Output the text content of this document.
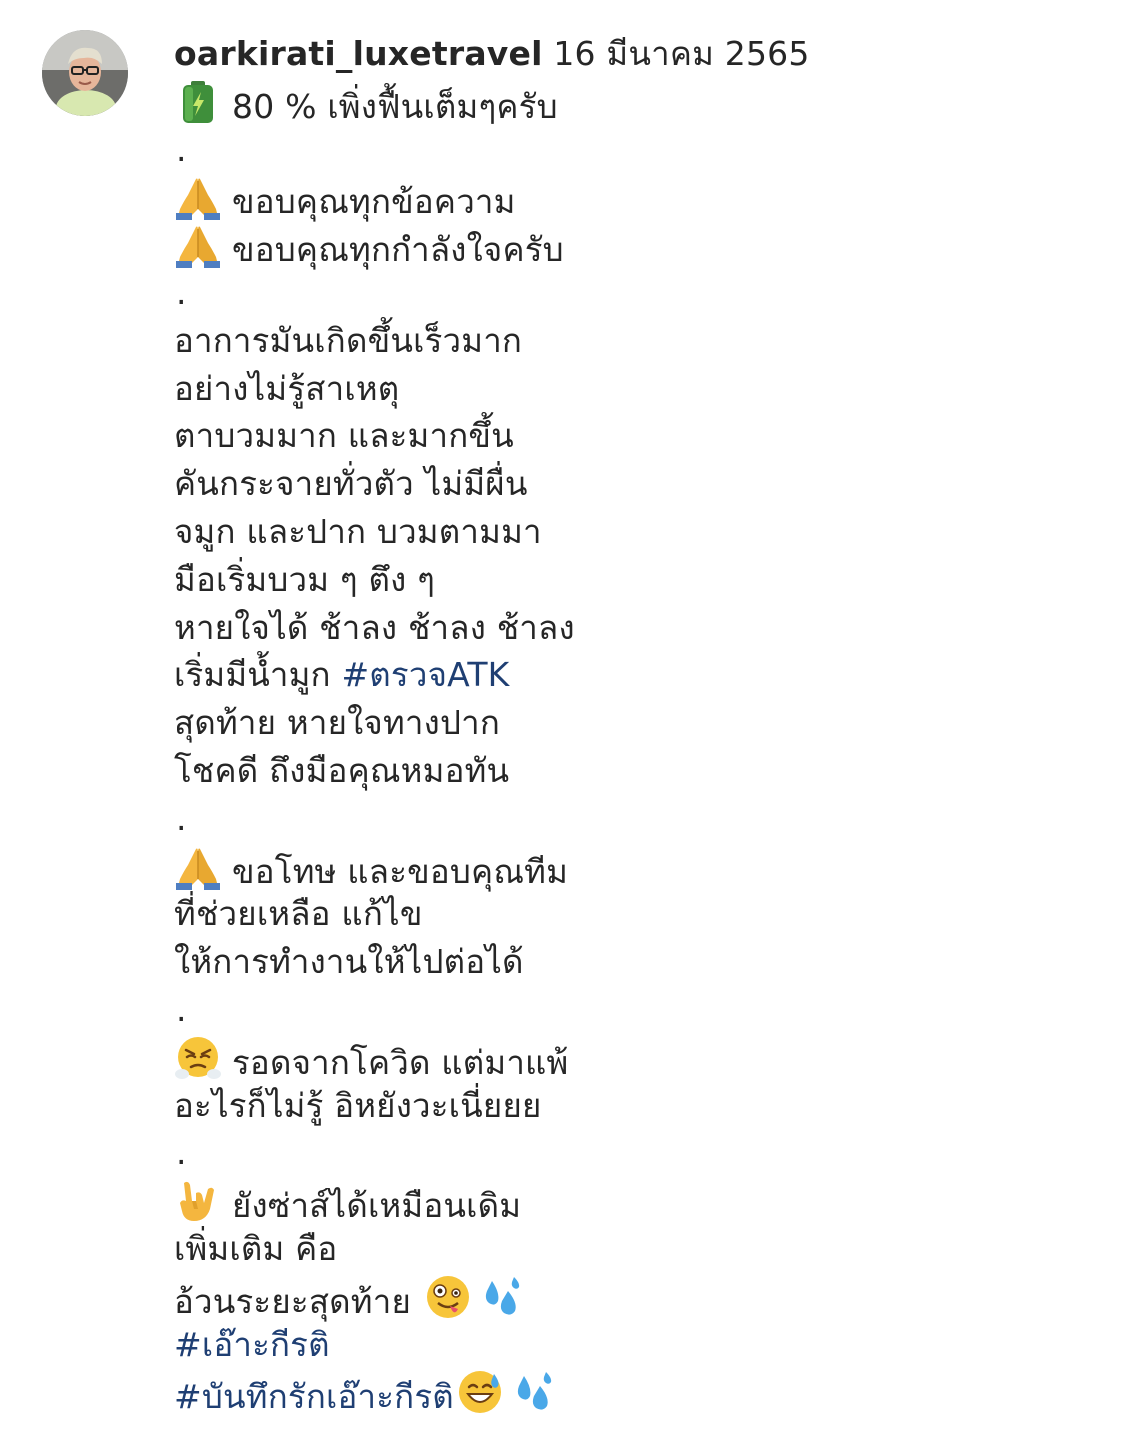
oarkirati_luxetravel 16 มีนาคม 2565
80 % เพิ่งฟื้นเต็มๆครับ
.
ขอบคุณทุกข้อความ
ขอบคุณทุกกำลังใจครับ
.
อาการมันเกิดขึ้นเร็วมาก
อย่างไม่รู้สาเหตุ
ตาบวมมาก และมากขึ้น
คันกระจายทั่วตัว ไม่มีผื่น
จมูก และปาก บวมตามมา
มือเริ่มบวม ๆ ตึง ๆ
หายใจได้ ช้าลง ช้าลง ช้าลง
เริ่มมีน้ำมูก #ตรวจATK
สุดท้าย หายใจทางปาก
โชคดี ถึงมือคุณหมอทัน
.
ขอโทษ และขอบคุณทีม
ที่ช่วยเหลือ แก้ไข
ให้การทำงานให้ไปต่อได้
.
รอดจากโควิด แต่มาแพ้
อะไรก็ไม่รู้ อิหยังวะเนี่ยยย
.
ยังซ่าส์ได้เหมือนเดิม
เพิ่มเติม คือ
อ้วนระยะสุดท้าย
#เอ๊าะกีรติ
#บันทึกรักเอ๊าะกีรติ
